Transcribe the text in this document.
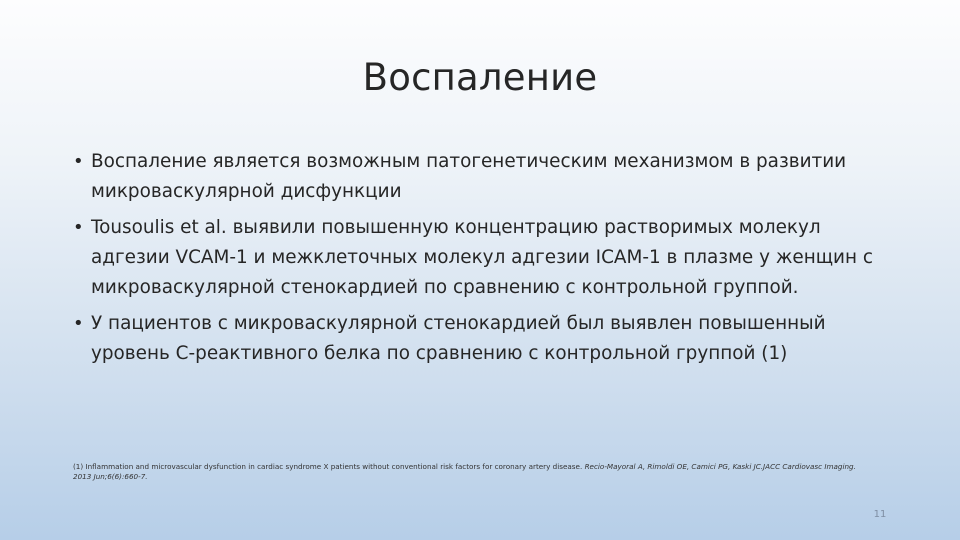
Воспаление
• Воспаление является возможным патогенетическим механизмом в развитии микроваскулярной дисфункции
• Tousoulis et al. выявили повышенную концентрацию растворимых молекул адгезии VCAM-1 и межклеточных молекул адгезии ICAM-1 в плазме у женщин с микроваскулярной стенокардией по сравнению с контрольной группой.
• У пациентов с микроваскулярной стенокардией был выявлен повышенный уровень С-реактивного белка по сравнению с контрольной группой (1)

(1) Inflammation and microvascular dysfunction in cardiac syndrome X patients without conventional risk factors for coronary artery disease. Recio-Mayoral A, Rimoldi OE, Camici PG, Kaski JC.JACC Cardiovasc Imaging. 2013 Jun;6(6):660-7.

11
